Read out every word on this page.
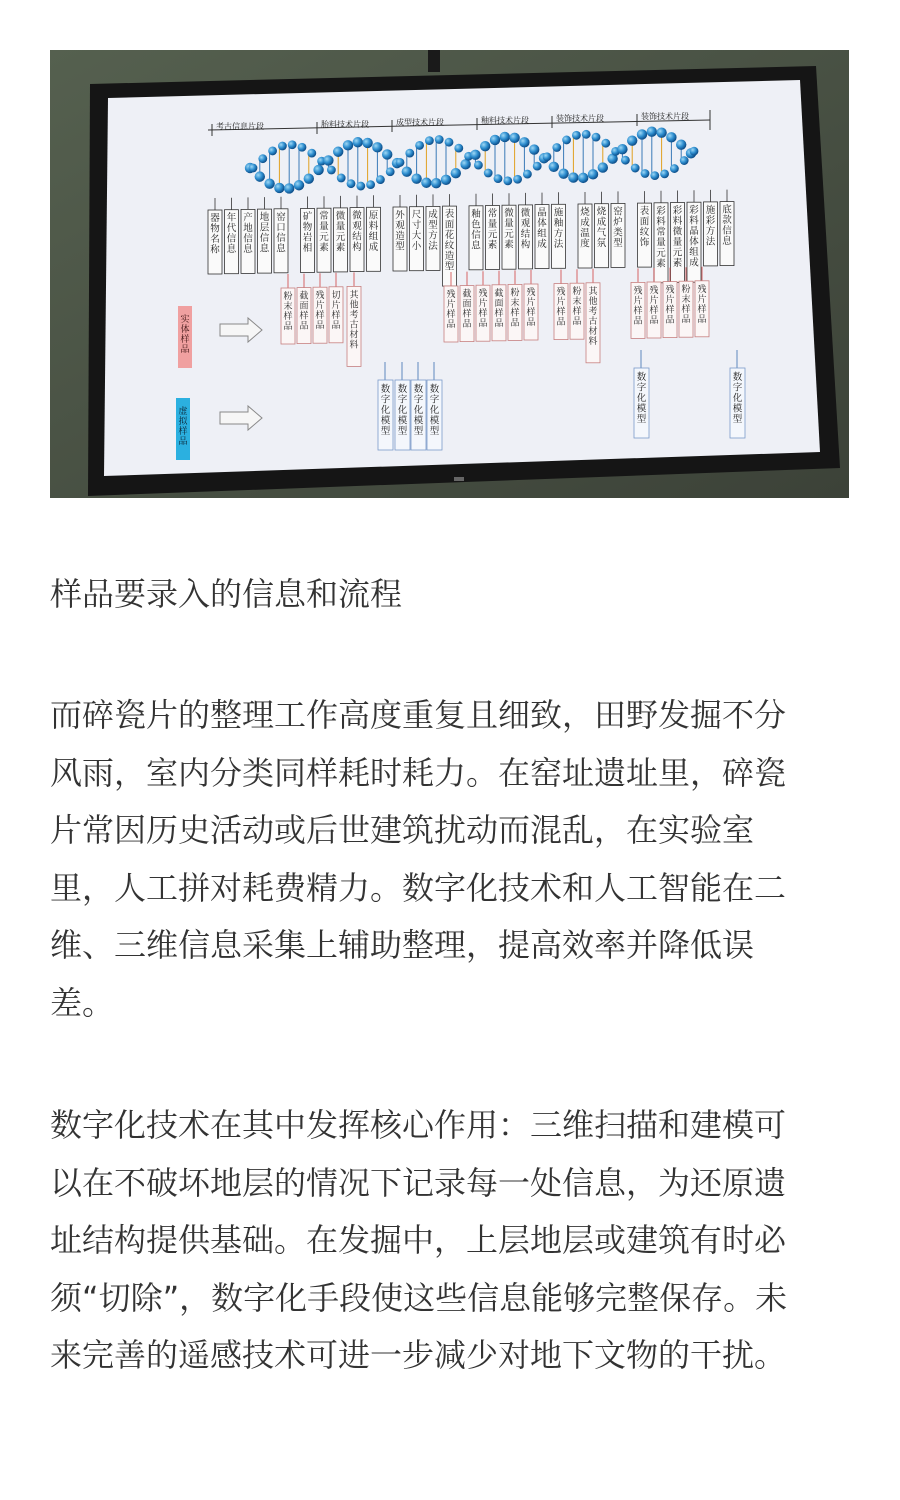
考古信息片段	胎料技术片段	成型技术片段	釉料技术片段	装饰技术片段	装饰技术片段
器物名称
年代信息
产地信息
地层信息
窑口信息
矿物岩相
常量元素
微量元素
微观结构
原料组成
外观造型
尺寸大小
成型方法
表面花纹造型
釉色信息
常量元素
微量元素
微观结构
晶体组成
施釉方法
烧成温度
烧成气氛
窑炉类型
表面纹饰
彩料常量元素
彩料微量元素
彩料晶体组成
施彩方法
底款信息
粉末样品
截面样品
残片样品
切片样品
其他考古材料
残片样品
截面样品
残片样品
截面样品
粉末样品
残片样品
残片样品
粉末样品
其他考古材料
残片样品
残片样品
残片样品
粉末样品
残片样品
数字化模型
数字化模型
数字化模型
数字化模型
数字化模型
数字化模型
实体样品
虚拟样品

样品要录入的信息和流程

而碎瓷片的整理工作高度重复且细致，田野发掘不分
风雨，室内分类同样耗时耗力。在窑址遗址里，碎瓷
片常因历史活动或后世建筑扰动而混乱，在实验室
里，人工拼对耗费精力。数字化技术和人工智能在二
维、三维信息采集上辅助整理，提高效率并降低误
差。

数字化技术在其中发挥核心作用：三维扫描和建模可
以在不破坏地层的情况下记录每一处信息，为还原遗
址结构提供基础。在发掘中，上层地层或建筑有时必
须“切除”，数字化手段使这些信息能够完整保存。未
来完善的遥感技术可进一步减少对地下文物的干扰。
